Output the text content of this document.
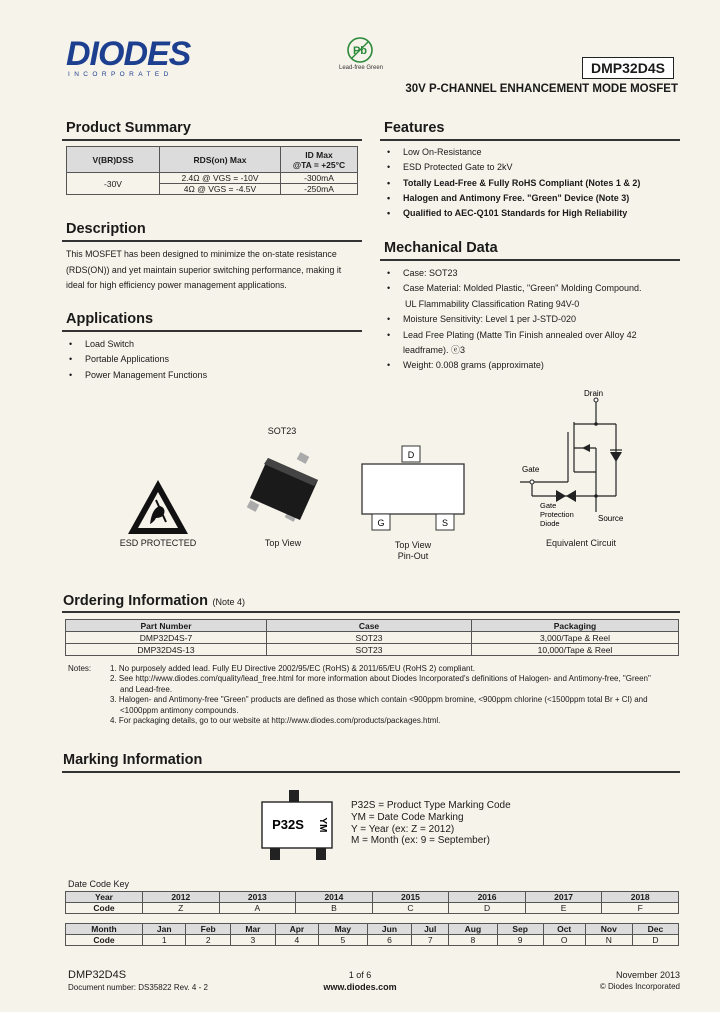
DIODES
INCORPORATED
Pb
Lead-free Green	DMP32D4S
30V P-CHANNEL ENHANCEMENT MODE MOSFET
Product Summary
V(BR)DSS	RDS(on) Max	ID Max
@TA = +25°C
-30V	2.4Ω @ VGS = -10V	-300mA
	4Ω @ VGS = -4.5V	-250mA
Description
This MOSFET has been designed to minimize the on-state resistance
(RDS(ON)) and yet maintain superior switching performance, making it
ideal for high efficiency power management applications.
Applications
• Load Switch
• Portable Applications
• Power Management Functions
Features
• Low On-Resistance
• ESD Protected Gate to 2kV
• Totally Lead-Free & Fully RoHS Compliant (Notes 1 & 2)
• Halogen and Antimony Free. "Green" Device (Note 3)
• Qualified to AEC-Q101 Standards for High Reliability
Mechanical Data
• Case: SOT23
• Case Material: Molded Plastic, "Green" Molding Compound.
UL Flammability Classification Rating 94V-0
• Moisture Sensitivity: Level 1 per J-STD-020
• Lead Free Plating (Matte Tin Finish annealed over Alloy 42
leadframe). ⓔ3
• Weight: 0.008 grams (approximate)
ESD PROTECTED
SOT23
Top View
D
G	S
Top View
Pin-Out
Drain
Gate
Source
Gate
Protection
Diode
Equivalent Circuit
Ordering Information (Note 4)
Part Number	Case	Packaging
DMP32D4S-7	SOT23	3,000/Tape & Reel
DMP32D4S-13	SOT23	10,000/Tape & Reel
Notes: 1. No purposely added lead. Fully EU Directive 2002/95/EC (RoHS) & 2011/65/EU (RoHS 2) compliant.
2. See http://www.diodes.com/quality/lead_free.html for more information about Diodes Incorporated's definitions of Halogen- and Antimony-free, "Green"
and Lead-free.
3. Halogen- and Antimony-free "Green" products are defined as those which contain <900ppm bromine, <900ppm chlorine (<1500ppm total Br + Cl) and
<1000ppm antimony compounds.
4. For packaging details, go to our website at http://www.diodes.com/products/packages.html.
Marking Information
P32S YM
P32S = Product Type Marking Code
YM = Date Code Marking
Y = Year (ex: Z = 2012)
M = Month (ex: 9 = September)
Date Code Key
Year	2012	2013	2014	2015	2016	2017	2018
Code	Z	A	B	C	D	E	F
Month	Jan	Feb	Mar	Apr	May	Jun	Jul	Aug	Sep	Oct	Nov	Dec
Code	1	2	3	4	5	6	7	8	9	O	N	D
DMP32D4S
Document number: DS35822 Rev. 4 - 2
1 of 6
www.diodes.com
November 2013
© Diodes Incorporated
